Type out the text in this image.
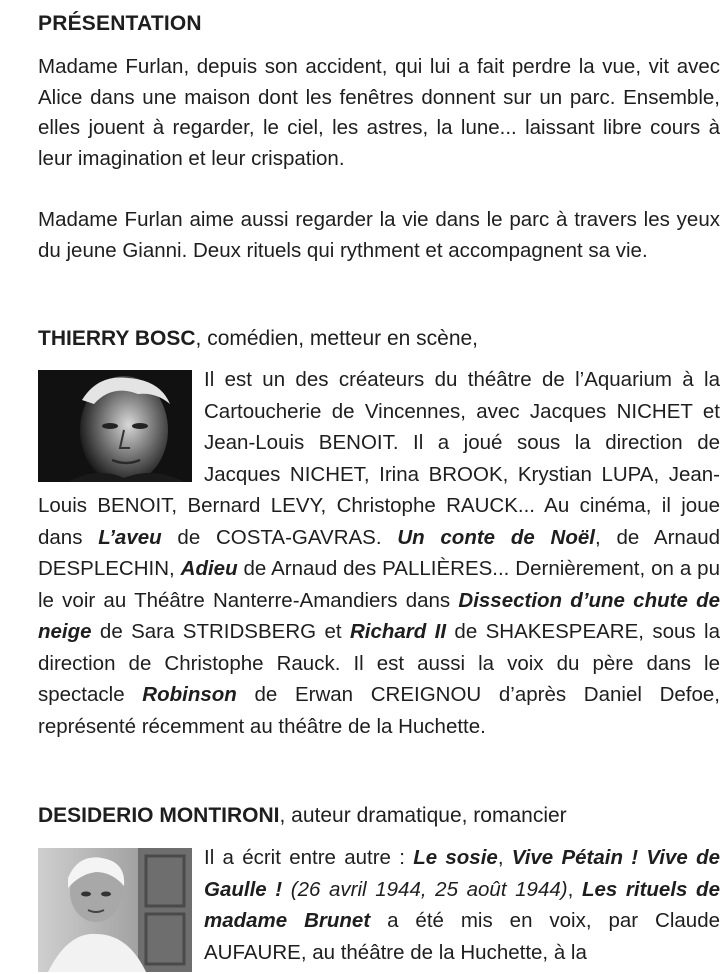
PRÉSENTATION

Madame Furlan, depuis son accident, qui lui a fait perdre la vue, vit avec Alice dans une maison dont les fenêtres donnent sur un parc. Ensemble, elles jouent à regarder, le ciel, les astres, la lune... laissant libre cours à leur imagination et leur crispation.

Madame Furlan aime aussi regarder la vie dans le parc à travers les yeux du jeune Gianni. Deux rituels qui rythment et accompagnent sa vie.

THIERRY BOSC, comédien, metteur en scène,

Il est un des créateurs du théâtre de l’Aquarium à la Cartoucherie de Vincennes, avec Jacques NICHET et Jean-Louis BENOIT. Il a joué sous la direction de Jacques NICHET, Irina BROOK, Krystian LUPA, Jean-Louis BENOIT, Bernard LEVY, Christophe RAUCK... Au cinéma, il joue dans L’aveu de COSTA-GAVRAS. Un conte de Noël, de Arnaud DESPLECHIN, Adieu de Arnaud des PALLIÈRES... Dernièrement, on a pu le voir au Théâtre Nanterre-Amandiers dans Dissection d’une chute de neige de Sara STRIDSBERG et Richard II de SHAKESPEARE, sous la direction de Christophe Rauck. Il est aussi la voix du père dans le spectacle Robinson de Erwan CREIGNOU d’après Daniel Defoe, représenté récemment au théâtre de la Huchette.

DESIDERIO MONTIRONI, auteur dramatique, romancier

Il a écrit entre autre : Le sosie, Vive Pétain ! Vive de Gaulle ! (26 avril 1944, 25 août 1944), Les rituels de madame Brunet a été mis en voix, par Claude AUFAURE, au théâtre de la Huchette, à la
